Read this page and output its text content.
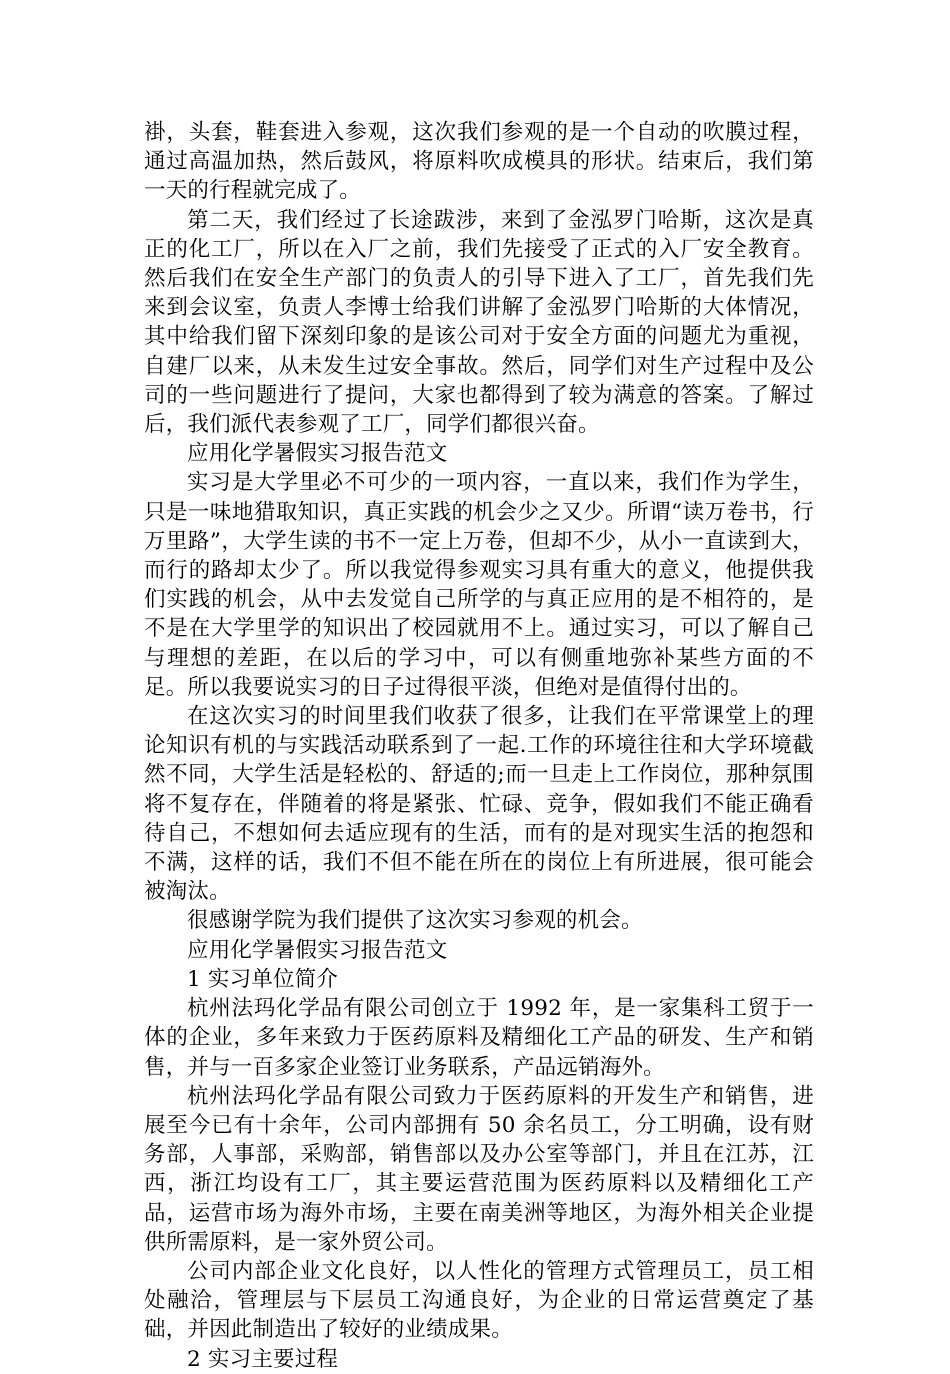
褂，头套，鞋套进入参观，这次我们参观的是一个自动的吹膜过程，通过高温加热，然后鼓风，将原料吹成模具的形状。结束后，我们第一天的行程就完成了。

第二天，我们经过了长途跋涉，来到了金泓罗门哈斯，这次是真正的化工厂，所以在入厂之前，我们先接受了正式的入厂安全教育。然后我们在安全生产部门的负责人的引导下进入了工厂，首先我们先来到会议室，负责人李博士给我们讲解了金泓罗门哈斯的大体情况，其中给我们留下深刻印象的是该公司对于安全方面的问题尤为重视，自建厂以来，从未发生过安全事故。然后，同学们对生产过程中及公司的一些问题进行了提问，大家也都得到了较为满意的答案。了解过后，我们派代表参观了工厂，同学们都很兴奋。

应用化学暑假实习报告范文

实习是大学里必不可少的一项内容，一直以来，我们作为学生，只是一味地猎取知识，真正实践的机会少之又少。所谓“读万卷书，行万里路”，大学生读的书不一定上万卷，但却不少，从小一直读到大，而行的路却太少了。所以我觉得参观实习具有重大的意义，他提供我们实践的机会，从中去发觉自己所学的与真正应用的是不相符的，是不是在大学里学的知识出了校园就用不上。通过实习，可以了解自己与理想的差距，在以后的学习中，可以有侧重地弥补某些方面的不足。所以我要说实习的日子过得很平淡，但绝对是值得付出的。

在这次实习的时间里我们收获了很多，让我们在平常课堂上的理论知识有机的与实践活动联系到了一起.工作的环境往往和大学环境截然不同，大学生活是轻松的、舒适的;而一旦走上工作岗位，那种氛围将不复存在，伴随着的将是紧张、忙碌、竞争，假如我们不能正确看待自己，不想如何去适应现有的生活，而有的是对现实生活的抱怨和不满，这样的话，我们不但不能在所在的岗位上有所进展，很可能会被淘汰。

很感谢学院为我们提供了这次实习参观的机会。

应用化学暑假实习报告范文

1 实习单位简介

杭州法玛化学品有限公司创立于 1992 年，是一家集科工贸于一体的企业，多年来致力于医药原料及精细化工产品的研发、生产和销售，并与一百多家企业签订业务联系，产品远销海外。

杭州法玛化学品有限公司致力于医药原料的开发生产和销售，进展至今已有十余年，公司内部拥有 50 余名员工，分工明确，设有财务部，人事部，采购部，销售部以及办公室等部门，并且在江苏，江西，浙江均设有工厂，其主要运营范围为医药原料以及精细化工产品，运营市场为海外市场，主要在南美洲等地区，为海外相关企业提供所需原料，是一家外贸公司。

公司内部企业文化良好，以人性化的管理方式管理员工，员工相处融洽，管理层与下层员工沟通良好，为企业的日常运营奠定了基础，并因此制造出了较好的业绩成果。

2 实习主要过程
